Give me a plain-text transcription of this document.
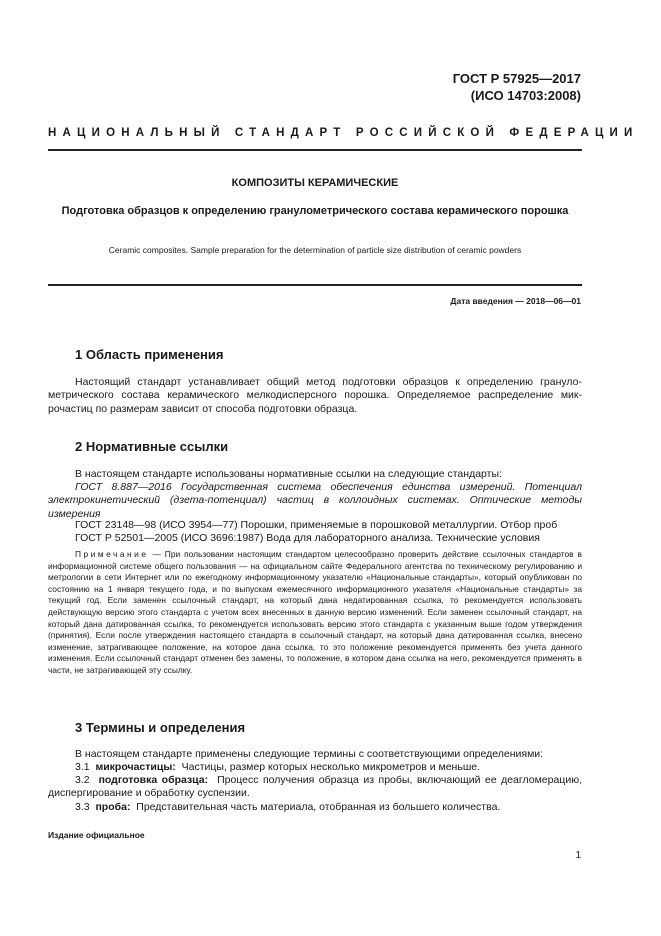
ГОСТ Р 57925—2017
(ИСО 14703:2008)
НАЦИОНАЛЬНЫЙ СТАНДАРТ РОССИЙСКОЙ ФЕДЕРАЦИИ
КОМПОЗИТЫ КЕРАМИЧЕСКИЕ
Подготовка образцов к определению гранулометрического состава керамического порошка
Ceramic composites. Sample preparation for the determination of particle size distribution of ceramic powders
Дата введения — 2018—06—01
1 Область применения
Настоящий стандарт устанавливает общий метод подготовки образцов к определению гранулометрического состава керамического мелкодисперсного порошка. Определяемое распределение микрочастиц по размерам зависит от способа подготовки образца.
2 Нормативные ссылки
В настоящем стандарте использованы нормативные ссылки на следующие стандарты:
ГОСТ 8.887—2016 Государственная система обеспечения единства измерений. Потенциал электрокинетический (дзета-потенциал) частиц в коллоидных системах. Оптические методы измерения
ГОСТ 23148—98 (ИСО 3954—77) Порошки, применяемые в порошковой металлургии. Отбор проб
ГОСТ Р 52501—2005 (ИСО 3696:1987) Вода для лабораторного анализа. Технические условия
Примечание — При пользовании настоящим стандартом целесообразно проверить действие ссылочных стандартов в информационной системе общего пользования — на официальном сайте Федерального агентства по техническому регулированию и метрологии в сети Интернет или по ежегодному информационному указателю «Национальные стандарты», который опубликован по состоянию на 1 января текущего года, и по выпускам ежемесячного информационного указателя «Национальные стандарты» за текущий год. Если заменен ссылочный стандарт, на который дана недатированная ссылка, то рекомендуется использовать действующую версию этого стандарта с учетом всех внесенных в данную версию изменений. Если заменен ссылочный стандарт, на который дана датированная ссылка, то рекомендуется использовать версию этого стандарта с указанным выше годом утверждения (принятия). Если после утверждения настоящего стандарта в ссылочный стандарт, на который дана датированная ссылка, внесено изменение, затрагивающее положение, на которое дана ссылка, то это положение рекомендуется применять без учета данного изменения. Если ссылочный стандарт отменен без замены, то положение, в котором дана ссылка на него, рекомендуется применять в части, не затрагивающей эту ссылку.
3 Термины и определения
В настоящем стандарте применены следующие термины с соответствующими определениями:
3.1 микрочастицы: Частицы, размер которых несколько микрометров и меньше.
3.2 подготовка образца: Процесс получения образца из пробы, включающий ее деагломерацию, диспергирование и обработку суспензии.
3.3 проба: Представительная часть материала, отобранная из большего количества.
Издание официальное
1
